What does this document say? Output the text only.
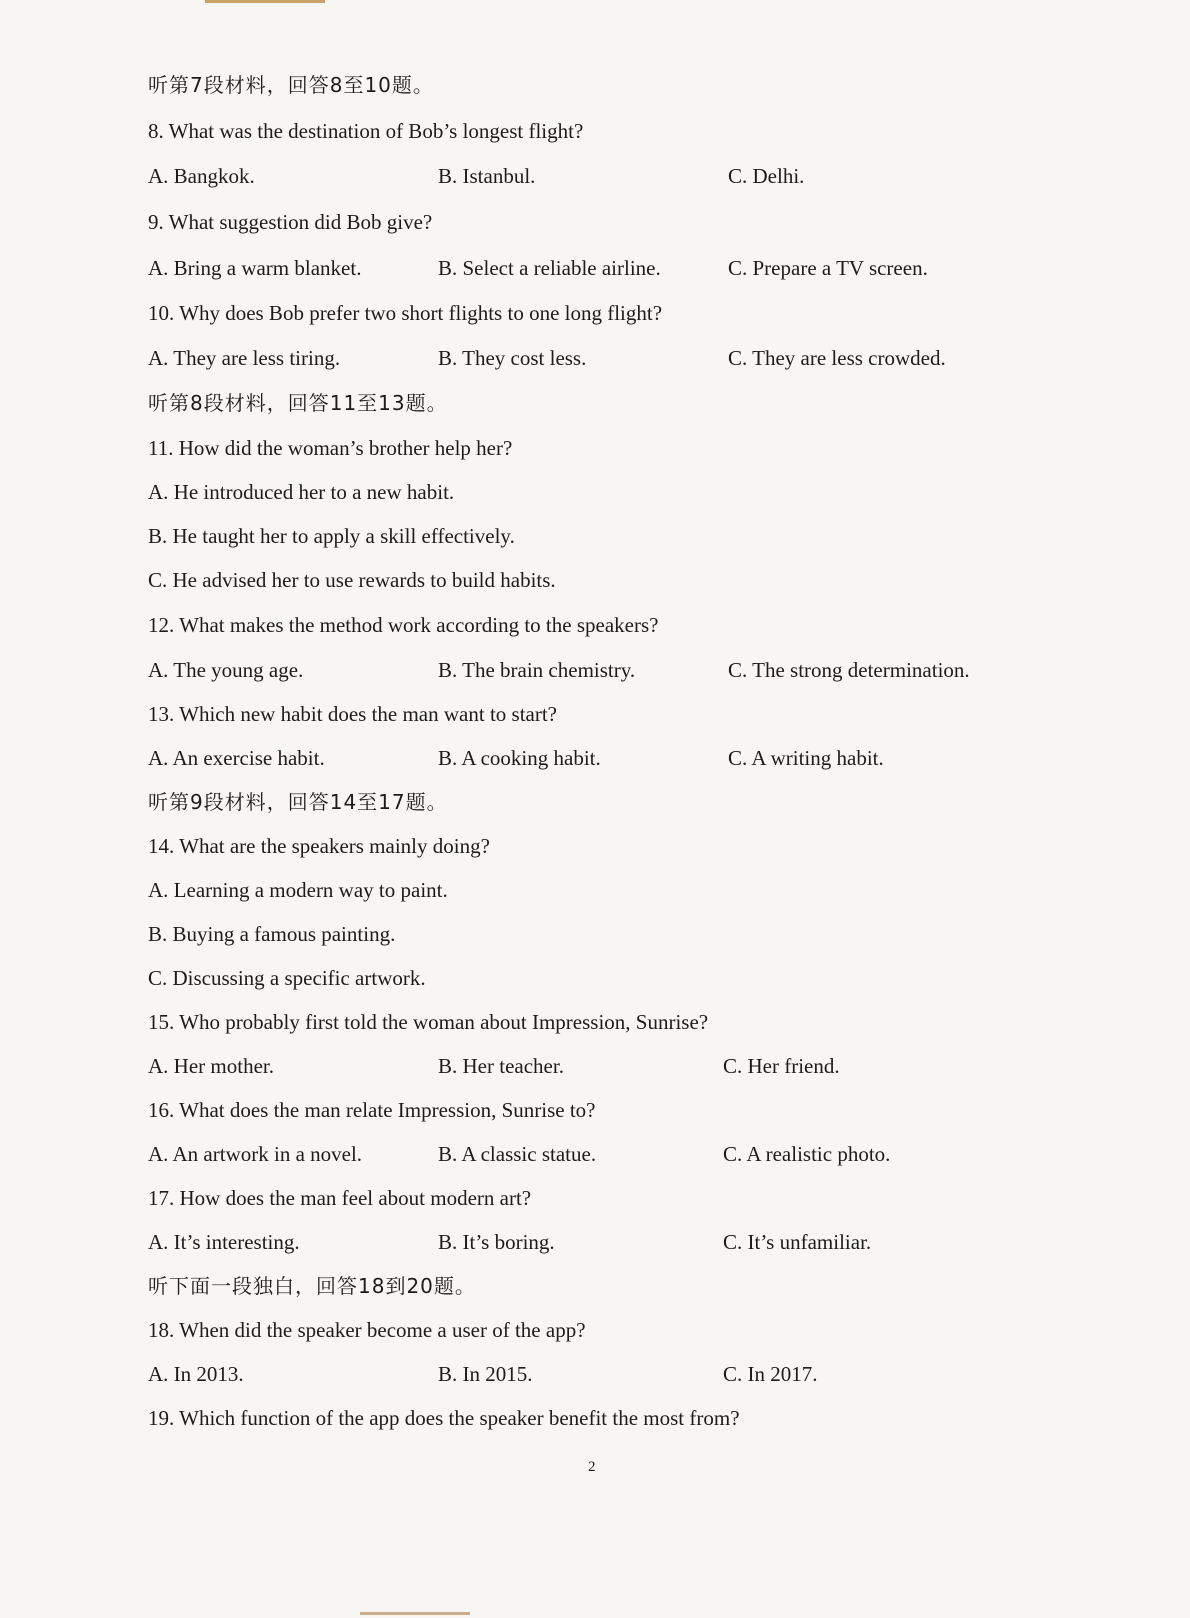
听第7段材料，回答8至10题。
8. What was the destination of Bob’s longest flight?
A. Bangkok.	B. Istanbul.	C. Delhi.
9. What suggestion did Bob give?
A. Bring a warm blanket.	B. Select a reliable airline.	C. Prepare a TV screen.
10. Why does Bob prefer two short flights to one long flight?
A. They are less tiring.	B. They cost less.	C. They are less crowded.
听第8段材料，回答11至13题。
11. How did the woman’s brother help her?
A. He introduced her to a new habit.
B. He taught her to apply a skill effectively.
C. He advised her to use rewards to build habits.
12. What makes the method work according to the speakers?
A. The young age.	B. The brain chemistry.	C. The strong determination.
13. Which new habit does the man want to start?
A. An exercise habit.	B. A cooking habit.	C. A writing habit.
听第9段材料，回答14至17题。
14. What are the speakers mainly doing?
A. Learning a modern way to paint.
B. Buying a famous painting.
C. Discussing a specific artwork.
15. Who probably first told the woman about Impression, Sunrise?
A. Her mother.	B. Her teacher.	C. Her friend.
16. What does the man relate Impression, Sunrise to?
A. An artwork in a novel.	B. A classic statue.	C. A realistic photo.
17. How does the man feel about modern art?
A. It’s interesting.	B. It’s boring.	C. It’s unfamiliar.
听下面一段独白，回答18到20题。
18. When did the speaker become a user of the app?
A. In 2013.	B. In 2015.	C. In 2017.
19. Which function of the app does the speaker benefit the most from?
2
